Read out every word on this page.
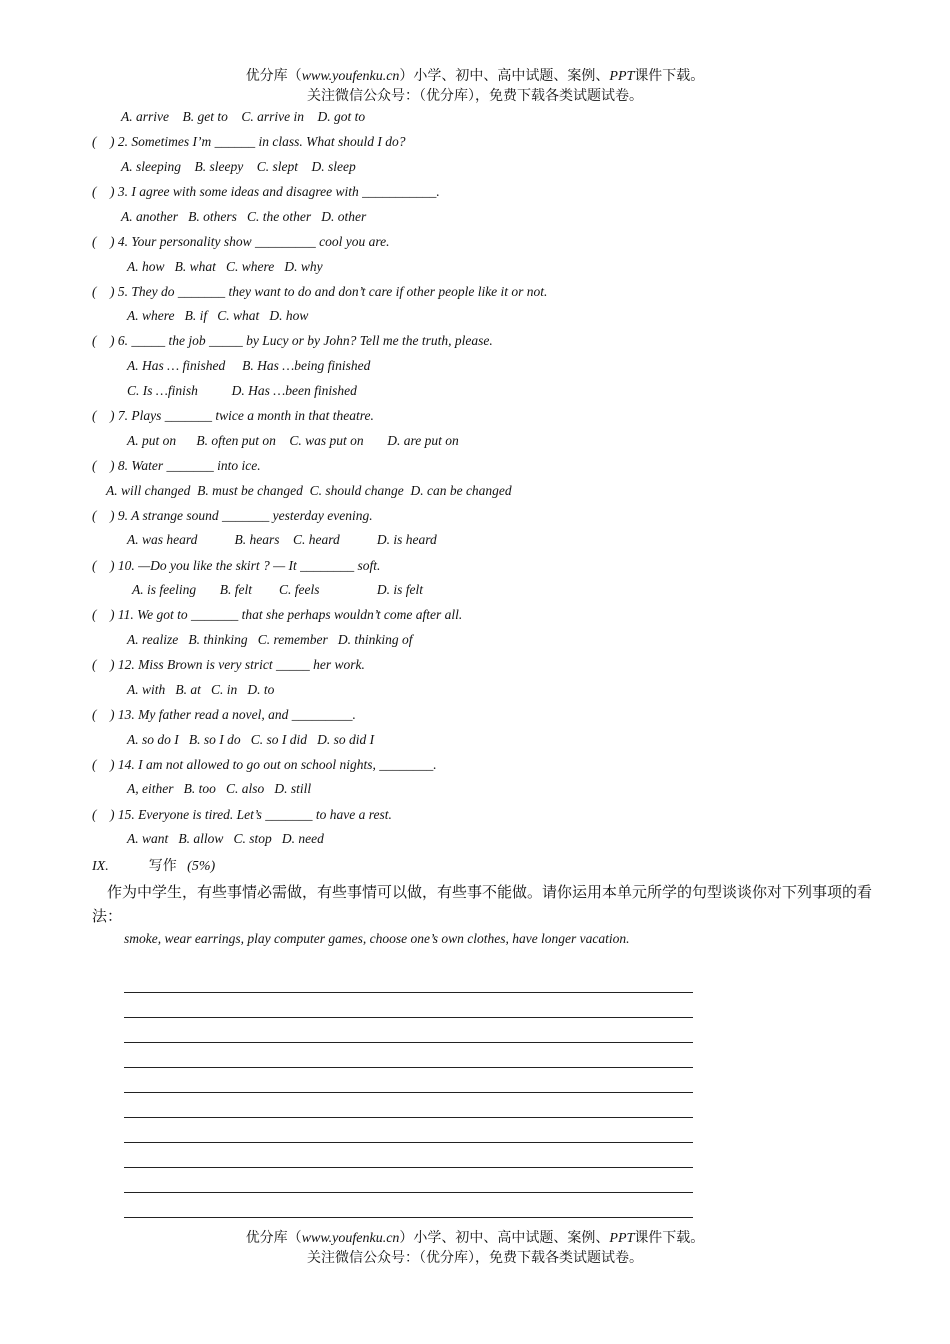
优分库（www.youfenku.cn）小学、初中、高中试题、案例、PPT课件下载。
关注微信公众号：（优分库），免费下载各类试题试卷。
A. arrive    B. get to    C. arrive in    D. got to
(    ) 2. Sometimes I’m ______ in class. What should I do?
A. sleeping    B. sleepy    C. slept    D. sleep
(    ) 3. I agree with some ideas and disagree with ___________.
A. another   B. others   C. the other   D. other
(    ) 4. Your personality show _________ cool you are.
A. how   B. what   C. where   D. why
(    ) 5. They do _______ they want to do and don’t care if other people like it or not.
A. where   B. if   C. what   D. how
(    ) 6. _____ the job _____ by Lucy or by John? Tell me the truth, please.
A. Has … finished     B. Has …being finished
C. Is …finish          D. Has …been finished
(    ) 7. Plays _______ twice a month in that theatre.
A. put on      B. often put on    C. was put on       D. are put on
(    ) 8. Water _______ into ice.
A. will changed  B. must be changed  C. should change  D. can be changed
(    ) 9. A strange sound _______ yesterday evening.
A. was heard           B. hears    C. heard           D. is heard
(    ) 10. —Do you like the skirt ? — It ________ soft.
A. is feeling       B. felt        C. feels                 D. is felt
(    ) 11. We got to _______ that she perhaps wouldn’t come after all.
A. realize   B. thinking   C. remember   D. thinking of
(    ) 12. Miss Brown is very strict _____ her work.
A. with   B. at   C. in   D. to
(    ) 13. My father read a novel, and _________.
A. so do I   B. so I do   C. so I did   D. so did I
(    ) 14. I am not allowed to go out on school nights, ________.
A, either   B. too   C. also   D. still
(    ) 15. Everyone is tired. Let’s _______ to have a rest.
A. want   B. allow   C. stop   D. need
IX.	写作 (5%)
作为中学生，有些事情必需做，有些事情可以做，有些事不能做。请你运用本单元所学的句型谈谈你对下列事项的看法：
smoke, wear earrings, play computer games, choose one’s own clothes, have longer vacation.
优分库（www.youfenku.cn）小学、初中、高中试题、案例、PPT课件下载。
关注微信公众号：（优分库），免费下载各类试题试卷。
